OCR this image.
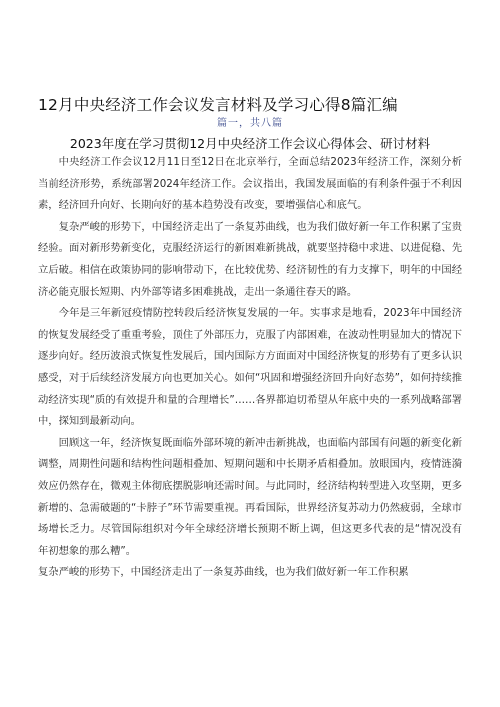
12月中央经济工作会议发言材料及学习心得8篇汇编
篇一，共八篇
2023年度在学习贯彻12月中央经济工作会议心得体会、研讨材料

中央经济工作会议12月11日至12日在北京举行，全面总结2023年经济工作，深刻分析当前经济形势，系统部署2024年经济工作。会议指出，我国发展面临的有利条件强于不利因素，经济回升向好、长期向好的基本趋势没有改变，要增强信心和底气。

复杂严峻的形势下，中国经济走出了一条复苏曲线，也为我们做好新一年工作积累了宝贵经验。面对新形势新变化，克服经济运行的新困难新挑战，就要坚持稳中求进、以进促稳、先立后破。相信在政策协同的影响带动下，在比较优势、经济韧性的有力支撑下，明年的中国经济必能克服长短期、内外部等诸多困难挑战，走出一条通往春天的路。

今年是三年新冠疫情防控转段后经济恢复发展的一年。实事求是地看，2023年中国经济的恢复发展经受了重重考验，顶住了外部压力，克服了内部困难，在波动性明显加大的情况下逐步向好。经历波浪式恢复性发展后，国内国际方方面面对中国经济恢复的形势有了更多认识感受，对于后续经济发展方向也更加关心。如何“巩固和增强经济回升向好态势”，如何持续推动经济实现“质的有效提升和量的合理增长”……各界都迫切希望从年底中央的一系列战略部署中，探知到最新动向。

回顾这一年，经济恢复既面临外部环境的新冲击新挑战，也面临内部国有问题的新变化新调整，周期性问题和结构性问题相叠加、短期问题和中长期矛盾相叠加。放眼国内，疫情涟漪效应仍然存在，微观主体彻底摆脱影响还需时间。与此同时，经济结构转型进入攻坚期，更多新增的、急需破题的“卡脖子”环节需要重视。再看国际，世界经济复苏动力仍然疲弱，全球市场增长乏力。尽管国际组织对今年全球经济增长预期不断上调，但这更多代表的是“情况没有年初想象的那么糟”。

复杂严峻的形势下，中国经济走出了一条复苏曲线，也为我们做好新一年工作积累
